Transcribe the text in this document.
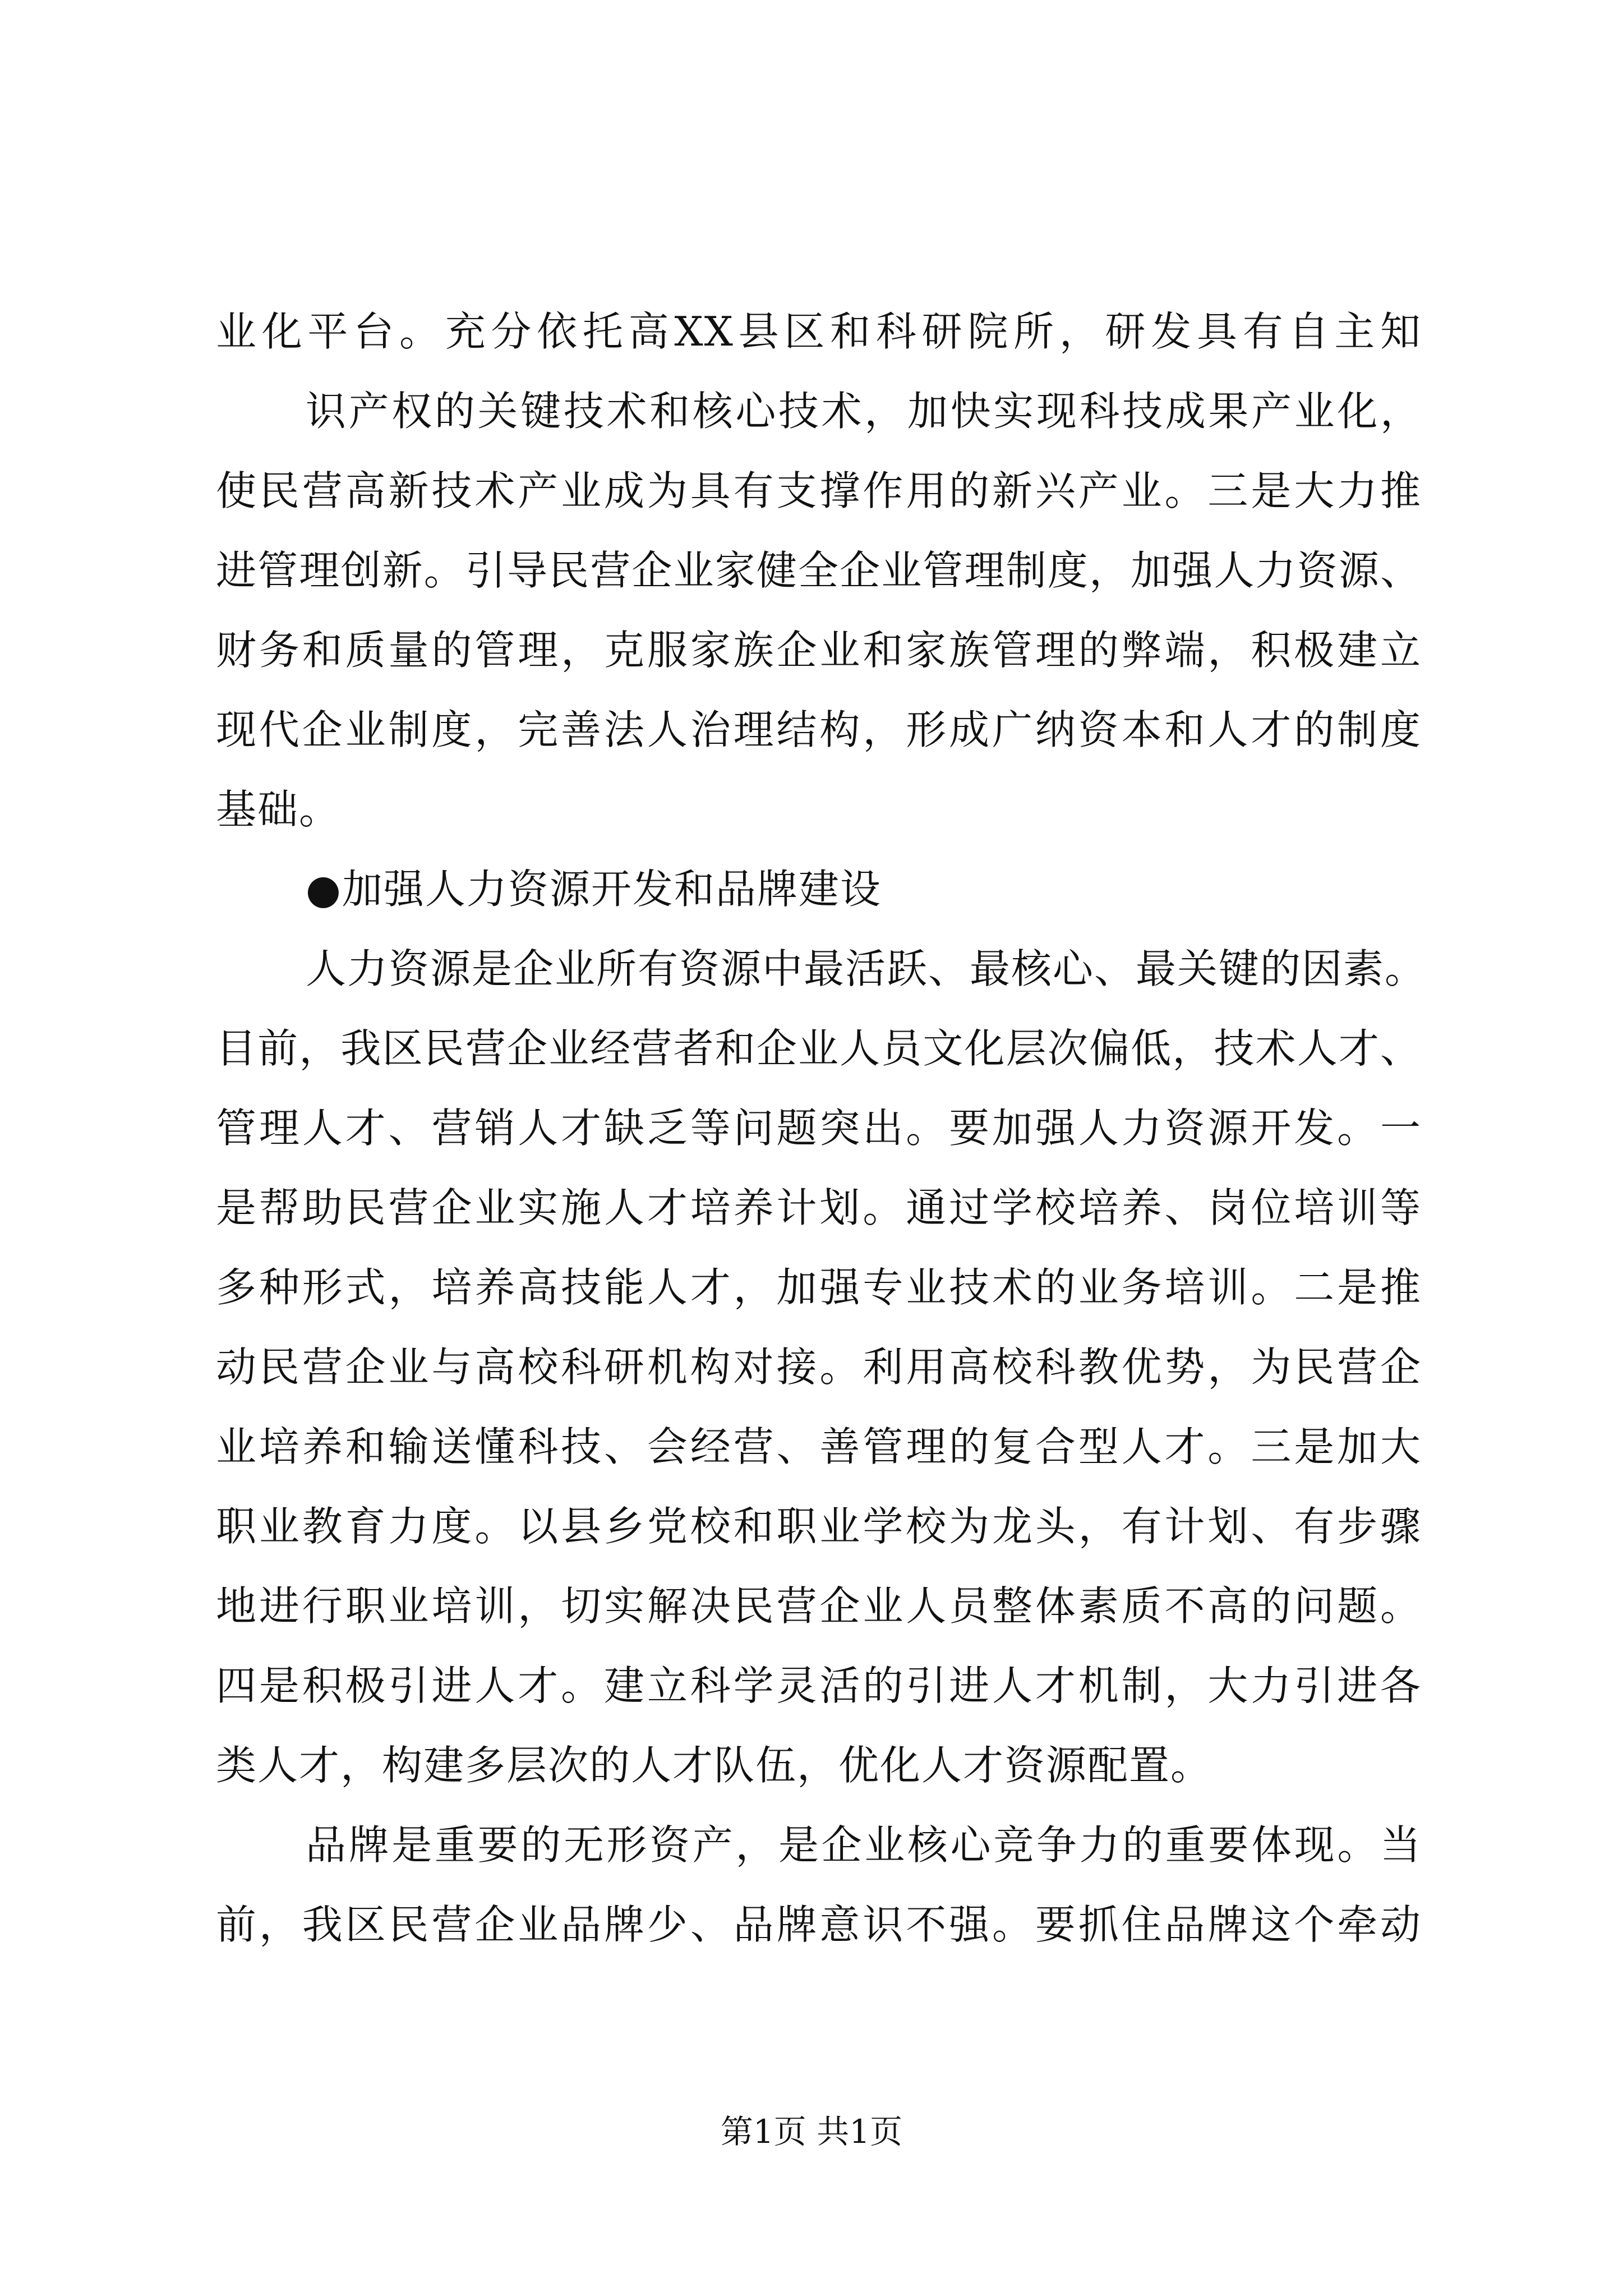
业化平台。充分依托高XX县区和科研院所，研发具有自主知
识产权的关键技术和核心技术，加快实现科技成果产业化，
使民营高新技术产业成为具有支撑作用的新兴产业。三是大力推
进管理创新。引导民营企业家健全企业管理制度，加强人力资源、
财务和质量的管理，克服家族企业和家族管理的弊端，积极建立
现代企业制度，完善法人治理结构，形成广纳资本和人才的制度
基础。
●加强人力资源开发和品牌建设
人力资源是企业所有资源中最活跃、最核心、最关键的因素。
目前，我区民营企业经营者和企业人员文化层次偏低，技术人才、
管理人才、营销人才缺乏等问题突出。要加强人力资源开发。一
是帮助民营企业实施人才培养计划。通过学校培养、岗位培训等
多种形式，培养高技能人才，加强专业技术的业务培训。二是推
动民营企业与高校科研机构对接。利用高校科教优势，为民营企
业培养和输送懂科技、会经营、善管理的复合型人才。三是加大
职业教育力度。以县乡党校和职业学校为龙头，有计划、有步骤
地进行职业培训，切实解决民营企业人员整体素质不高的问题。
四是积极引进人才。建立科学灵活的引进人才机制，大力引进各
类人才，构建多层次的人才队伍，优化人才资源配置。
品牌是重要的无形资产，是企业核心竞争力的重要体现。当
前，我区民营企业品牌少、品牌意识不强。要抓住品牌这个牵动
第1页 共1页
